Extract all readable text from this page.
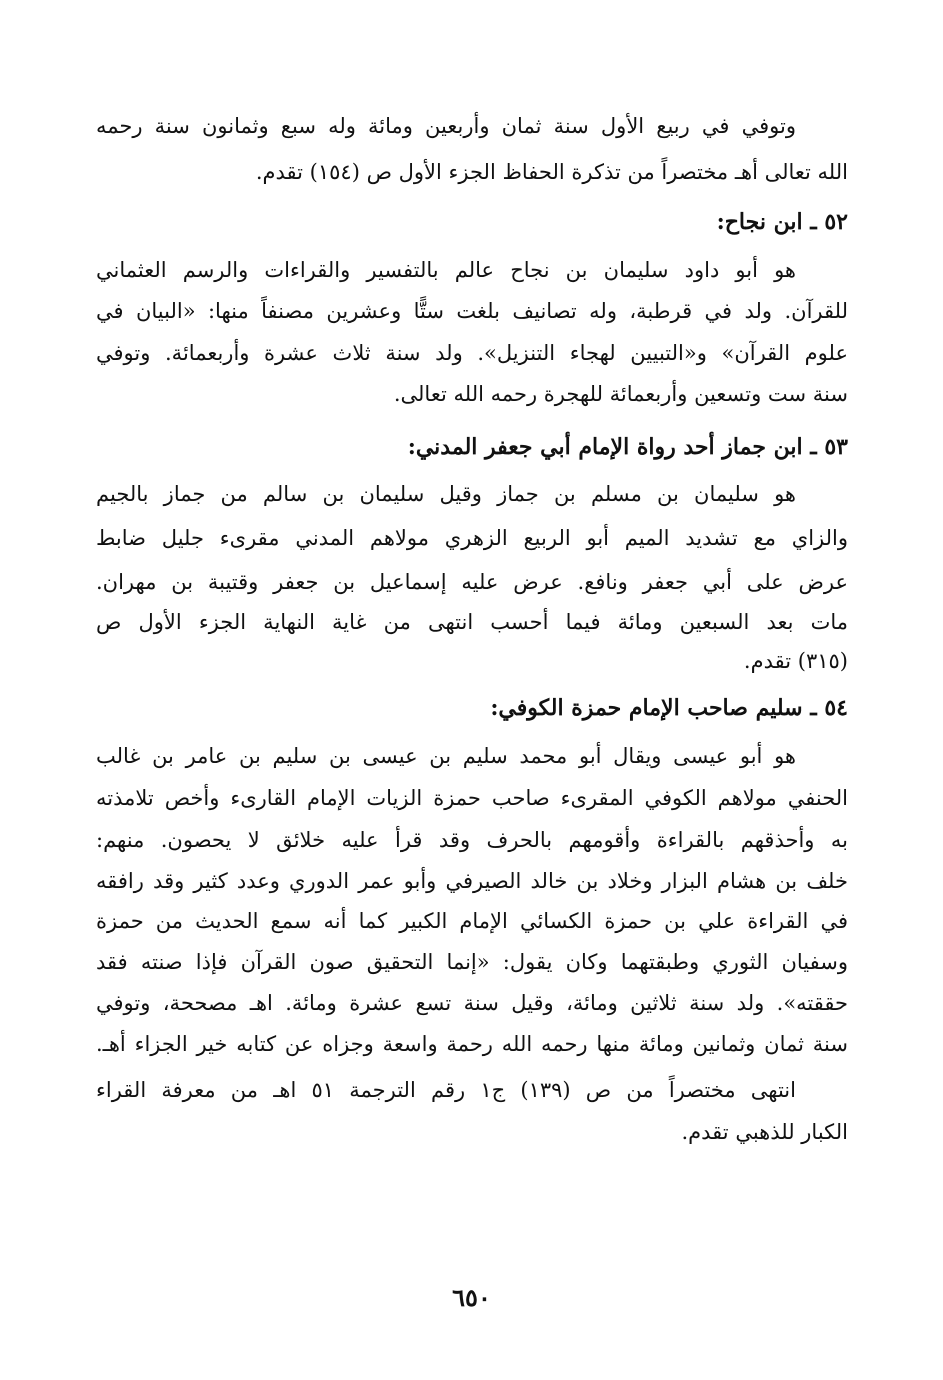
وتوفي في ربيع الأول سنة ثمان وأربعين ومائة وله سبع وثمانون سنة رحمه
الله تعالى أهـ مختصراً من تذكرة الحفاظ الجزء الأول ص (١٥٤) تقدم.
٥٢ ـ ابن نجاح:
هو أبو داود سليمان بن نجاح عالم بالتفسير والقراءات والرسم العثماني
للقرآن. ولد في قرطبة، وله تصانيف بلغت ستًّا وعشرين مصنفاً منها: «البيان في
علوم القرآن» و«التبيين لهجاء التنزيل». ولد سنة ثلاث عشرة وأربعمائة. وتوفي
سنة ست وتسعين وأربعمائة للهجرة رحمه الله تعالى.
٥٣ ـ ابن جماز أحد رواة الإمام أبي جعفر المدني:
هو سليمان بن مسلم بن جماز وقيل سليمان بن سالم من جماز بالجيم
والزاي مع تشديد الميم أبو الربيع الزهري مولاهم المدني مقرىء جليل ضابط
عرض على أبي جعفر ونافع. عرض عليه إسماعيل بن جعفر وقتيبة بن مهران.
مات بعد السبعين ومائة فيما أحسب انتهى من غاية النهاية الجزء الأول ص
(٣١٥) تقدم.
٥٤ ـ سليم صاحب الإمام حمزة الكوفي:
هو أبو عيسى ويقال أبو محمد سليم بن عيسى بن سليم بن عامر بن غالب
الحنفي مولاهم الكوفي المقرىء صاحب حمزة الزيات الإمام القارىء وأخص تلامذته
به وأحذقهم بالقراءة وأقومهم بالحرف وقد قرأ عليه خلائق لا يحصون. منهم:
خلف بن هشام البزار وخلاد بن خالد الصيرفي وأبو عمر الدوري وعدد كثير وقد رافقه
في القراءة علي بن حمزة الكسائي الإمام الكبير كما أنه سمع الحديث من حمزة
وسفيان الثوري وطبقتهما وكان يقول: «إنما التحقيق صون القرآن فإذا صنته فقد
حققته». ولد سنة ثلاثين ومائة، وقيل سنة تسع عشرة ومائة. اهـ مصححة، وتوفي
سنة ثمان وثمانين ومائة منها رحمه الله رحمة واسعة وجزاه عن كتابه خير الجزاء أهـ.
انتهى مختصراً من ص (١٣٩) ج١ رقم الترجمة ٥١ اهـ من معرفة القراء
الكبار للذهبي تقدم.
٦٥٠
